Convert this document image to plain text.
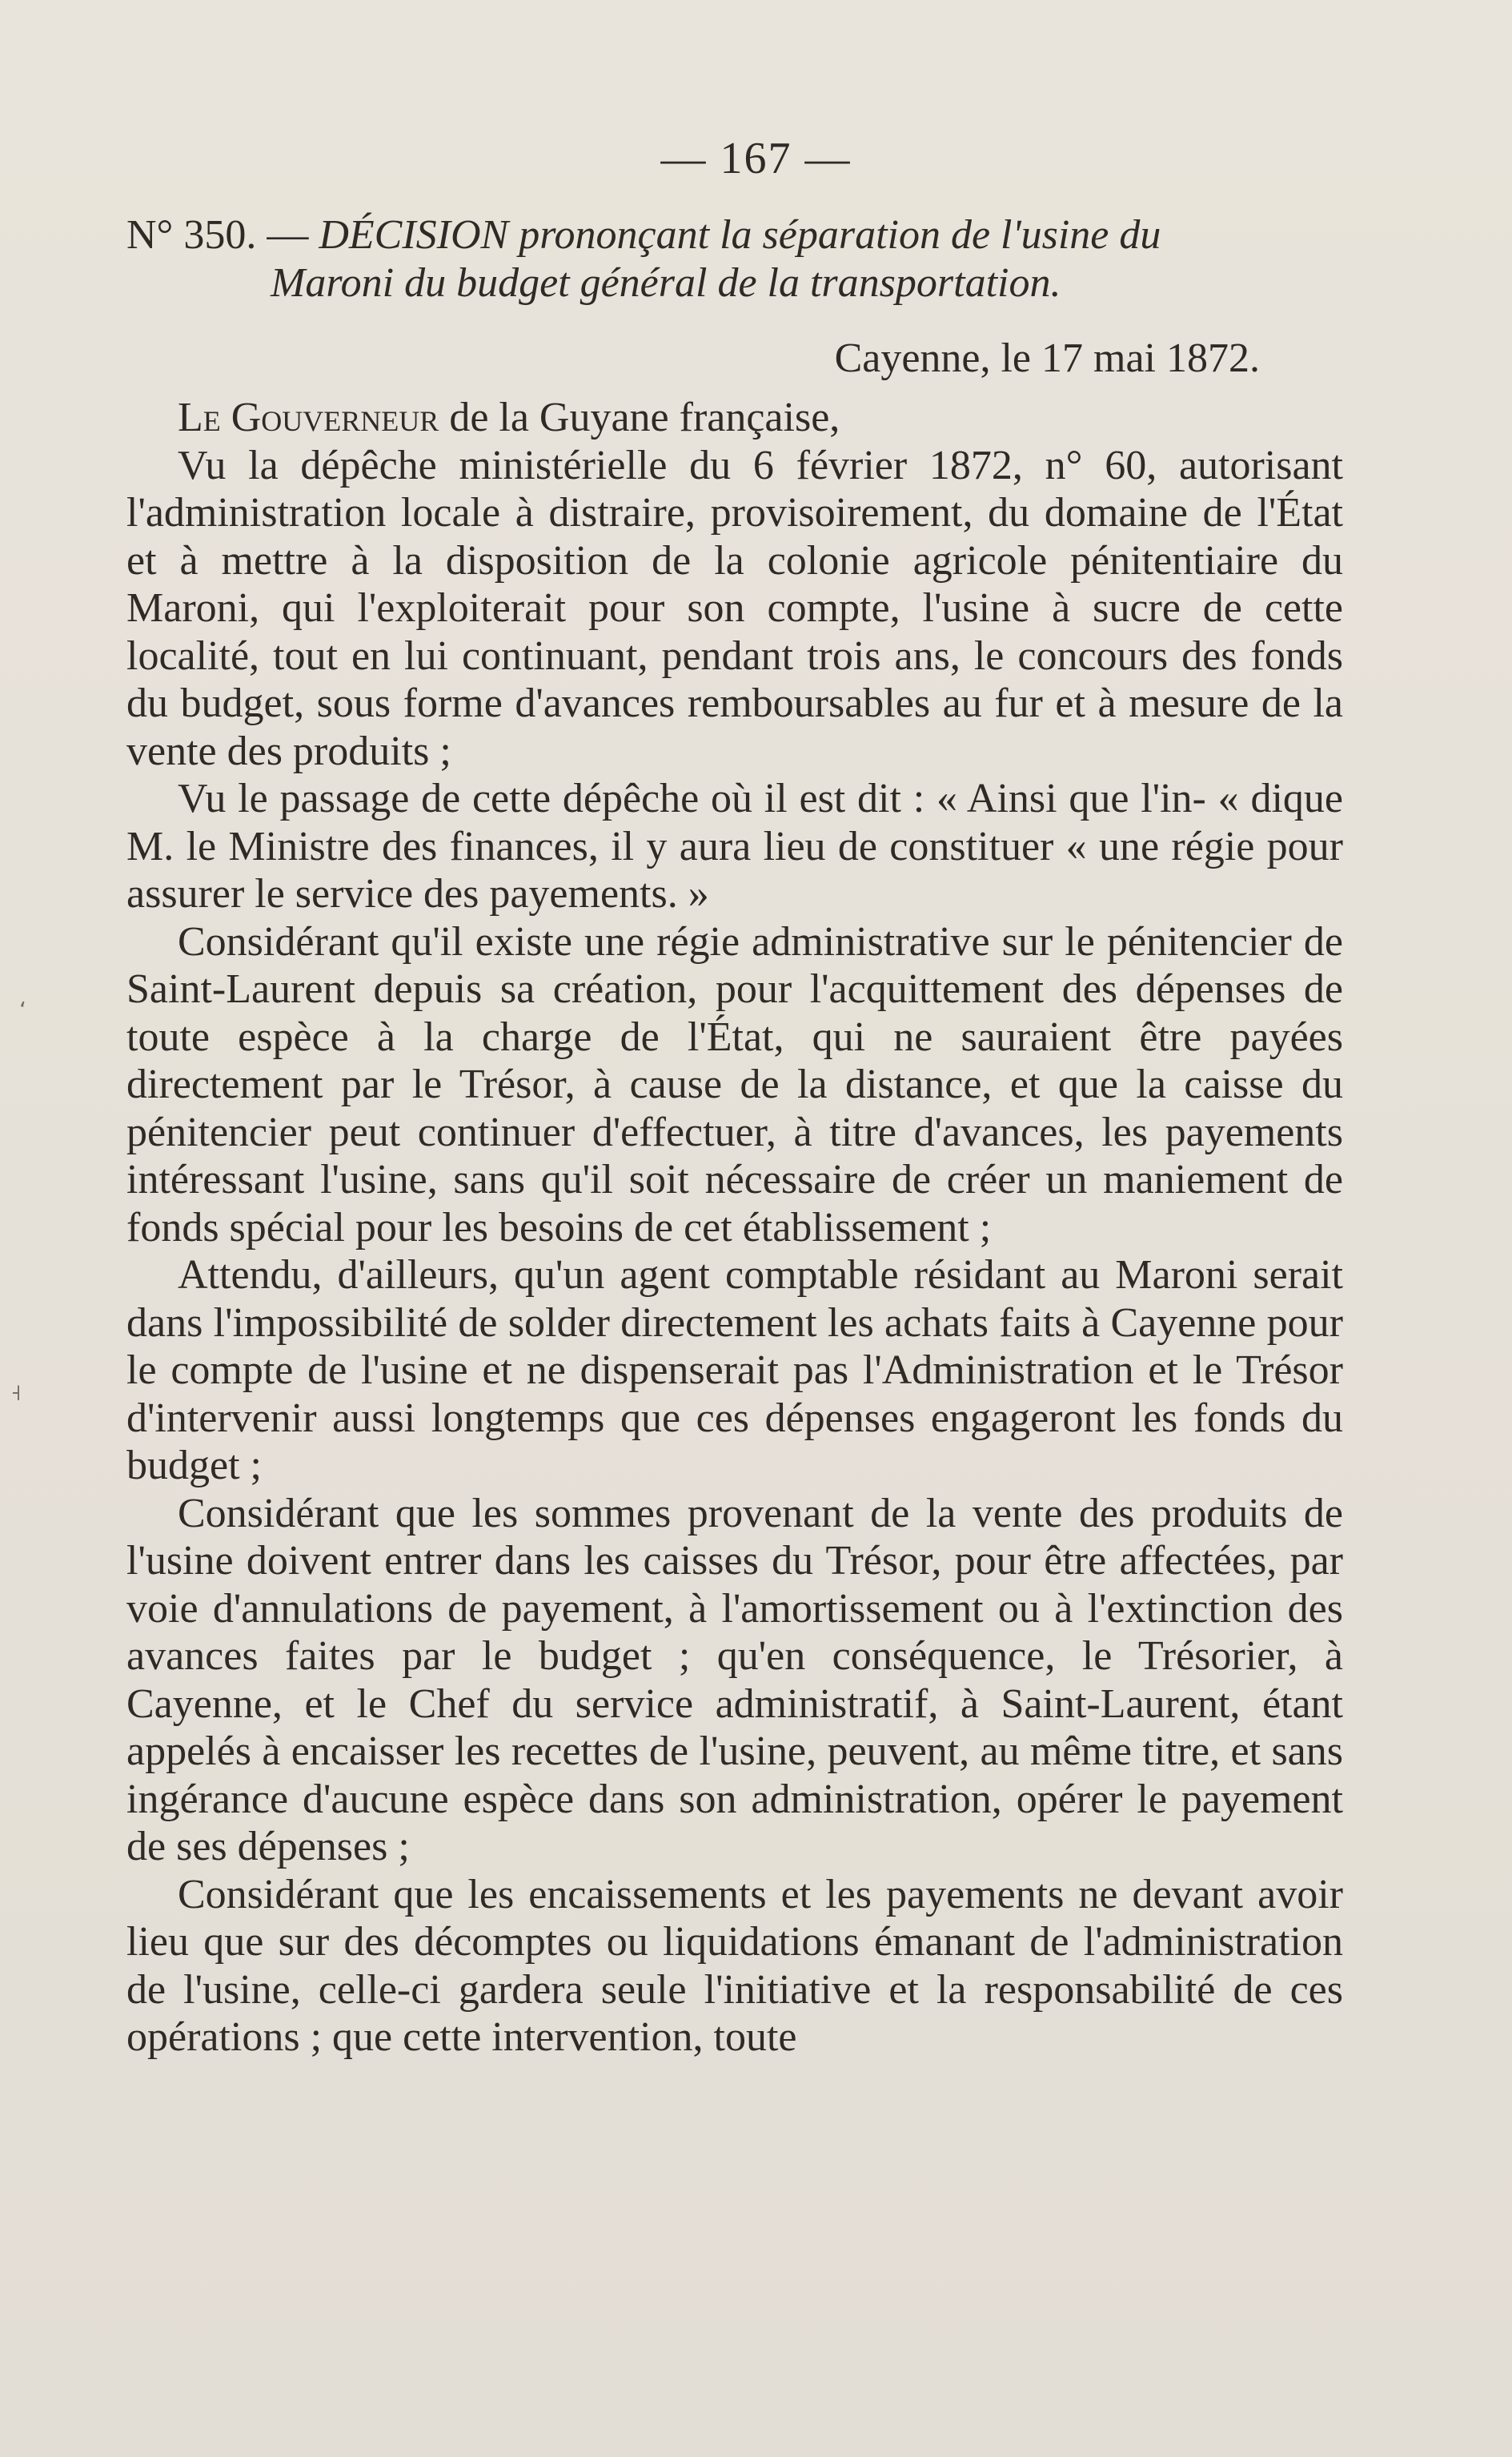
— 167 —
N° 350. — DÉCISION prononçant la séparation de l'usine du
Maroni du budget général de la transportation.
Cayenne, le 17 mai 1872.

Le Gouverneur de la Guyane française,

Vu la dépêche ministérielle du 6 février 1872, n° 60, autorisant l'administration locale à distraire, provisoirement, du domaine de l'État et à mettre à la disposition de la colonie agricole pénitentiaire du Maroni, qui l'exploiterait pour son compte, l'usine à sucre de cette localité, tout en lui continuant, pendant trois ans, le concours des fonds du budget, sous forme d'avances remboursables au fur et à mesure de la vente des produits ;

Vu le passage de cette dépêche où il est dit : « Ainsi que l'in- « dique M. le Ministre des finances, il y aura lieu de constituer « une régie pour assurer le service des payements. »

Considérant qu'il existe une régie administrative sur le pénitencier de Saint-Laurent depuis sa création, pour l'acquittement des dépenses de toute espèce à la charge de l'État, qui ne sauraient être payées directement par le Trésor, à cause de la distance, et que la caisse du pénitencier peut continuer d'effectuer, à titre d'avances, les payements intéressant l'usine, sans qu'il soit nécessaire de créer un maniement de fonds spécial pour les besoins de cet établissement ;

Attendu, d'ailleurs, qu'un agent comptable résidant au Maroni serait dans l'impossibilité de solder directement les achats faits à Cayenne pour le compte de l'usine et ne dispenserait pas l'Administration et le Trésor d'intervenir aussi longtemps que ces dépenses engageront les fonds du budget ;

Considérant que les sommes provenant de la vente des produits de l'usine doivent entrer dans les caisses du Trésor, pour être affectées, par voie d'annulations de payement, à l'amortissement ou à l'extinction des avances faites par le budget ; qu'en conséquence, le Trésorier, à Cayenne, et le Chef du service administratif, à Saint-Laurent, étant appelés à encaisser les recettes de l'usine, peuvent, au même titre, et sans ingérance d'aucune espèce dans son administration, opérer le payement de ses dépenses ;

Considérant que les encaissements et les payements ne devant avoir lieu que sur des décomptes ou liquidations émanant de l'administration de l'usine, celle-ci gardera seule l'initiative et la responsabilité de ces opérations ; que cette intervention, toute

ʻ
˧
